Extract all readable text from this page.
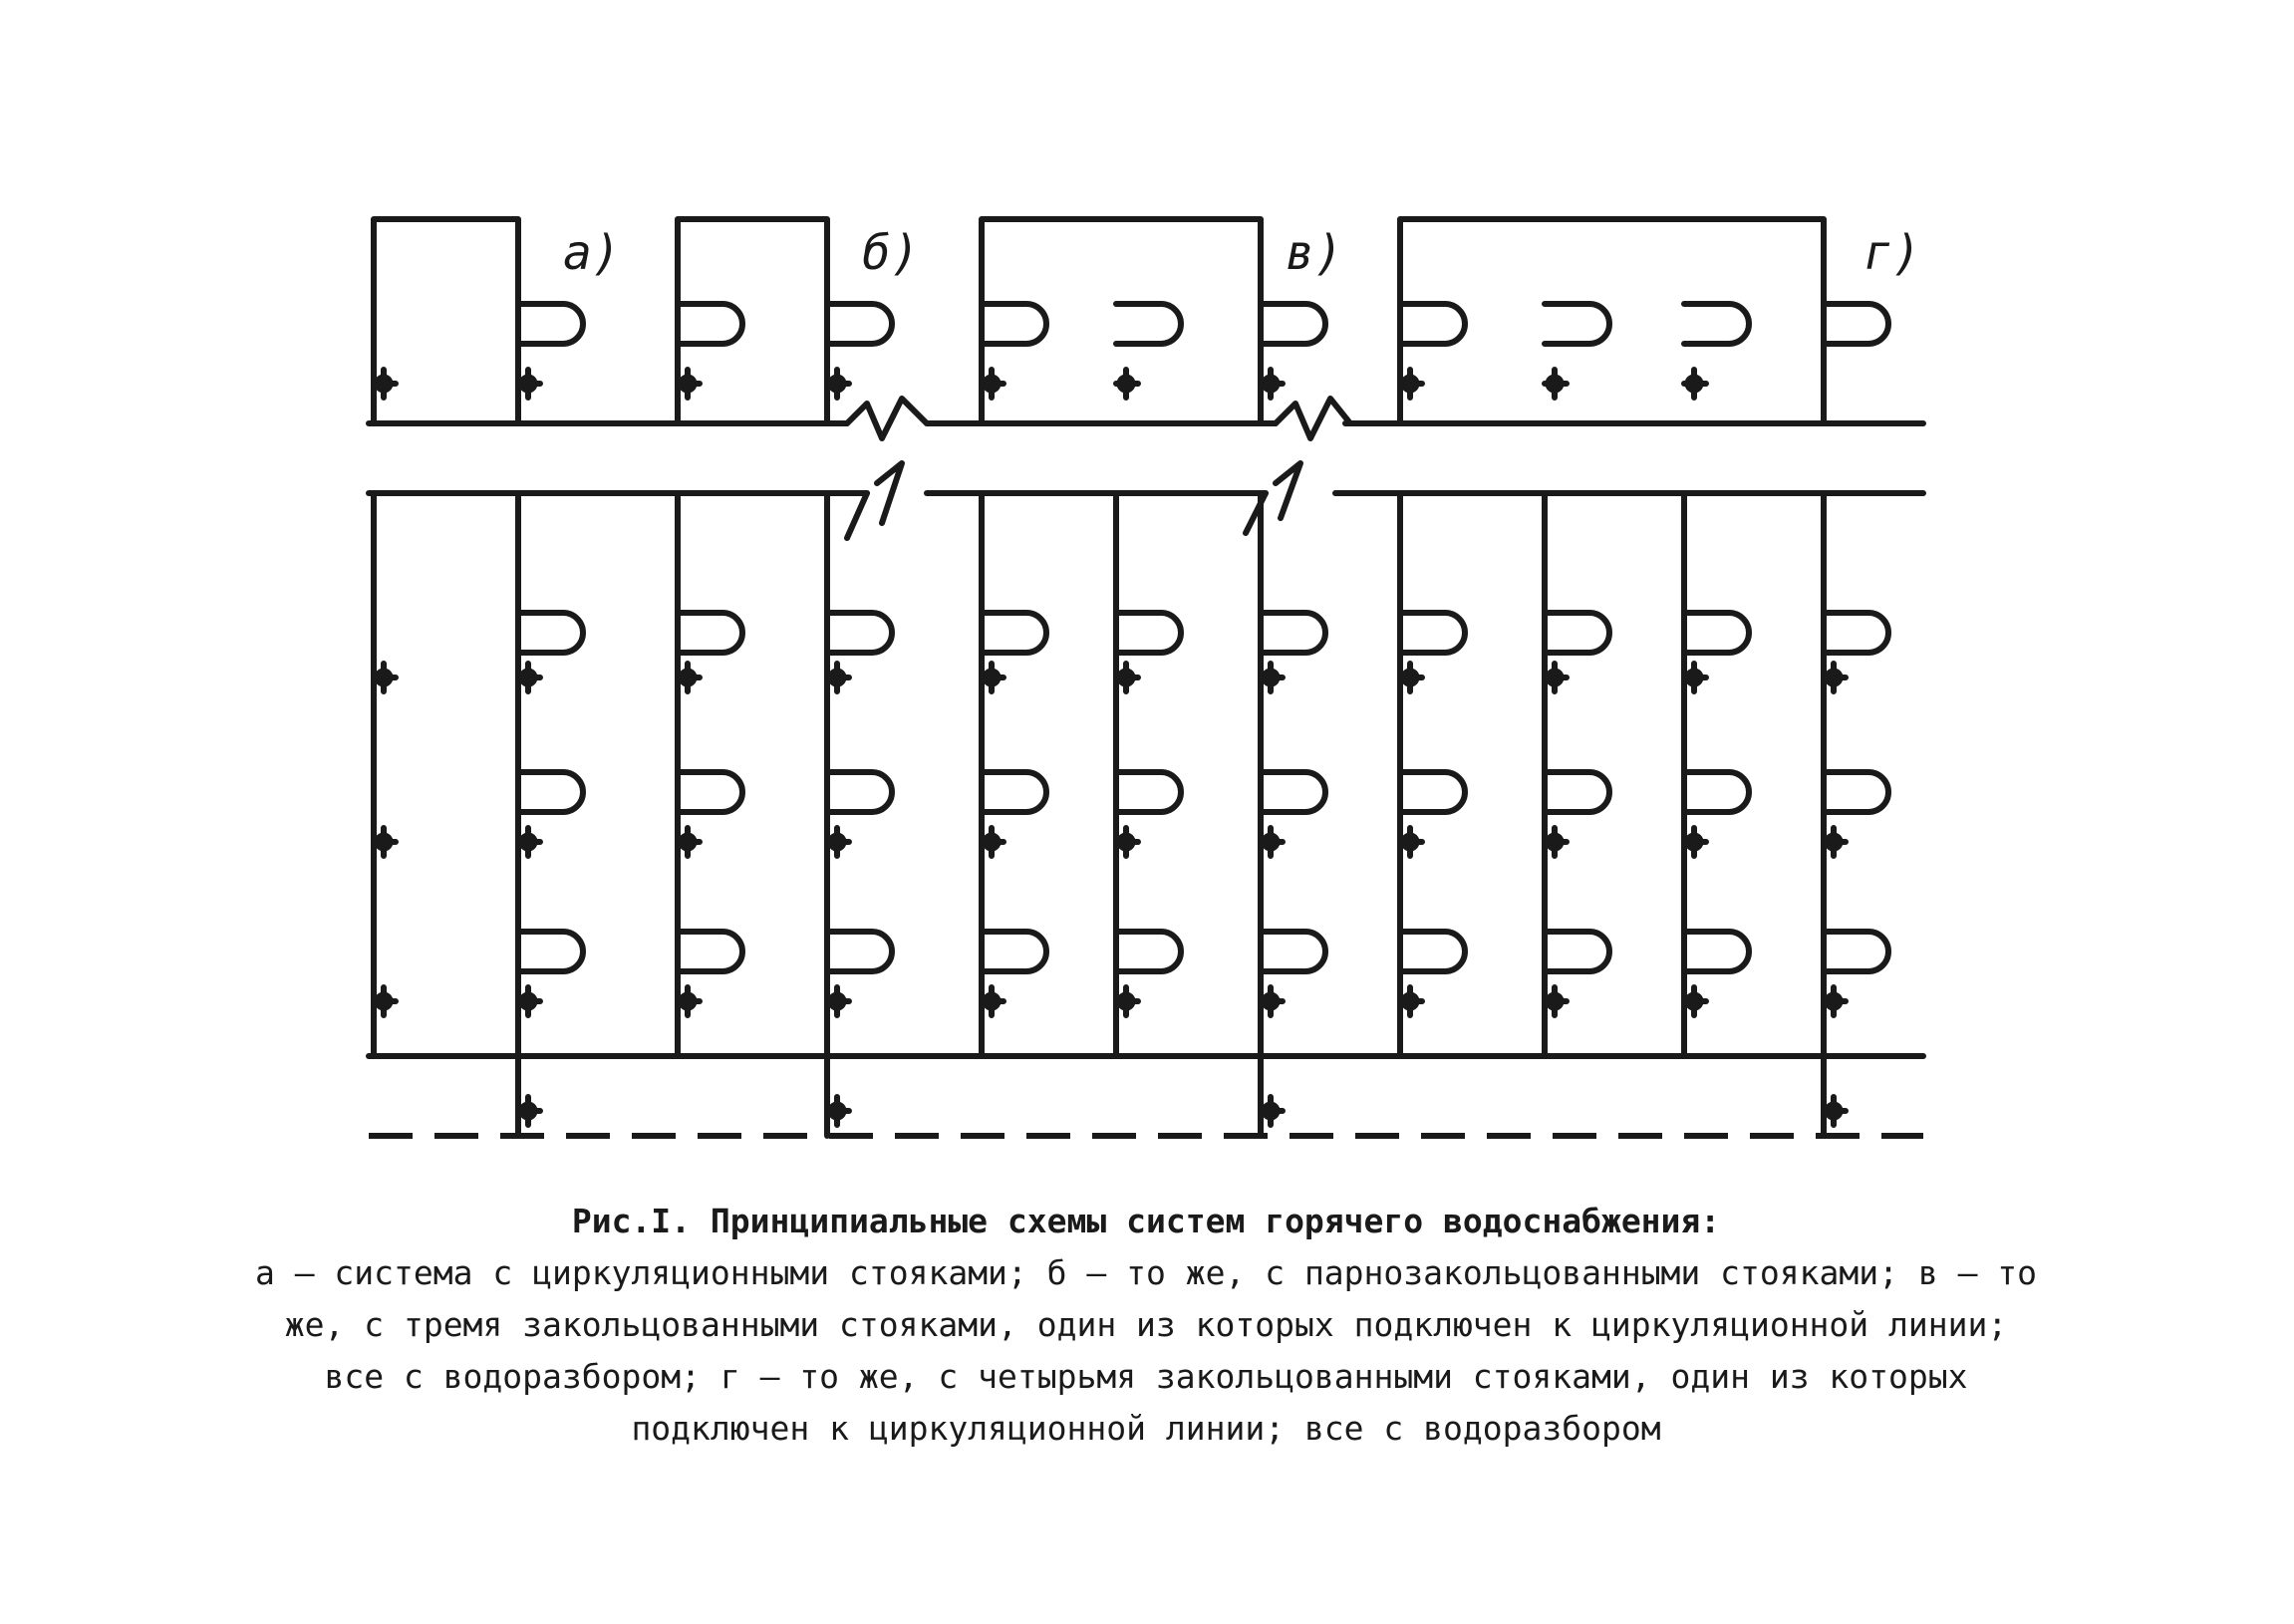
а)	б)	в)	г)
Рис.I. Принципиальные схемы систем горячего водоснабжения:
а – система с циркуляционными стояками; б – то же, с парнозакольцованными стояками; в – то же, с тремя закольцованными стояками, один из которых подключен к циркуляционной линии; все с водоразбором; г – то же, с четырьмя закольцованными стояками, один из которых подключен к циркуляционной линии; все с водоразбором
